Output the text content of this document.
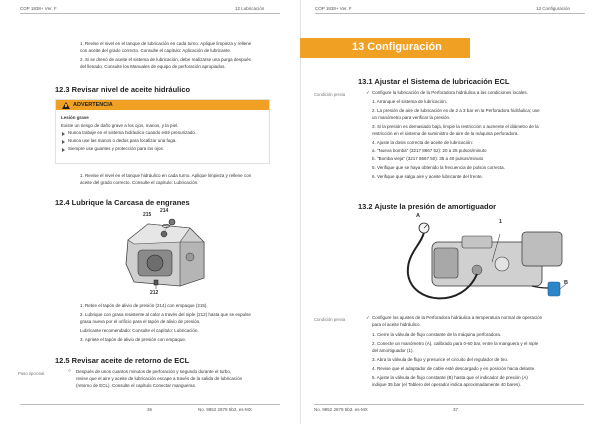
COP 1838+ Ver. F	12 Lubricación
1. Revise el nivel en el tanque de lubricación en cada turno. Aplique limpieza y rellene
con aceite del grado correcto. Consulte el capítulo: Aplicación de lubricante.
2. Si se drenó de aceite el sistema de lubricación, debe realizarse una purga después
del llenado. Consulte los Manuales de equipo de perforación apropiados.
12.3 Revisar nivel de aceite hidráulico
ADVERTENCIA
Lesión grave
Existe un riesgo de daño grave a los ojos, manos, y la piel.
Nunca trabaje en el sistema hidráulico cuando esté presurizado.
Nunca use las manos o dedos para localizar una fuga.
Siempre use guantes y protección para los ojos.
1. Revise el nivel en el tanque hidráulico en cada turno. Aplique limpieza y rellene con
aceite del grado correcto. Consulte el capítulo: Lubricación.
12.4 Lubrique la Carcasa de engranes
215
214
212
1. Retire el tapón de alivio de presión (214) con empaque (215).
2. Lubrique con grasa resistente al calor a través del niple (212) hasta que se expulse
grasa nueva por el orificio para el tapón de alivio de presión.
Lubricante recomendado: Consulte el capítulo: Lubricación.
3. Apriete el tapón de alivio de presión con empaque.
12.5 Revisar aceite de retorno de ECL
Paso opcional	○ Después de unos cuantos minutos de perforación y segundo durante el turbo,
revise que el aire y aceite de lubricación escape a través de la salida de lubricación
(retorno de ECL). Consulte el capítulo Conectar mangueras.
36	No. 9852 2879 5b3. es-MX
COP 1838+ Ver. F	13 Configuración
13 Configuración
13.1 Ajustar el Sistema de lubricación ECL
Condición previa	✓ Configure la lubricación de la Perforadora hidráulica a las condiciones locales.
1. Arranque el sistema de lubricación.
2. La presión de aire de lubricación es de 2 a 3 bar en la Perforadora hidráulica; use
un manómetro para verificar la presión.
3. Si la presión es demasiado baja, limpie la restricción o aumente el diámetro de la
restricción en el sistema de suministro de aire de la máquina perforadora.
4. Ajuste la dosis correcta de aceite de lubricación:
a. "Nueva bomba" (3217 8667 52): 20 a 25 pulsos/minuto
b. "Bomba vieja" (3217 8667 50): 35 a 40 pulsos/minuto
5. Verifique que se haya obtenido la frecuencia de pulsos correcta.
6. Verifique que salga aire y aceite lubricante del frente.
13.2 Ajuste la presión de amortiguador
A
1
B
Condición previa	✓ Configure los ajustes de la Perforadora hidráulica a temperatura normal de operación
para el aceite hidráulico.
1. Cierre la válvula de flujo constante de la máquina perforadora.
2. Conecte un manómetro (A), calibrado para 0-60 bar, entre la manguera y el niple
del amortiguador (1).
3. Abra la válvula de flujo y presurice el circuito del regulador de tiro.
4. Revise que el adaptador de cable esté descargado y en posición hacia delante.
5. Ajuste la válvula de flujo constante (B) hasta que el indicador de presión (A)
indique 35 bar (el Tablero del operador indica aproximadamente 40 bares).
No. 9852 2879 5b3. es-MX	37
